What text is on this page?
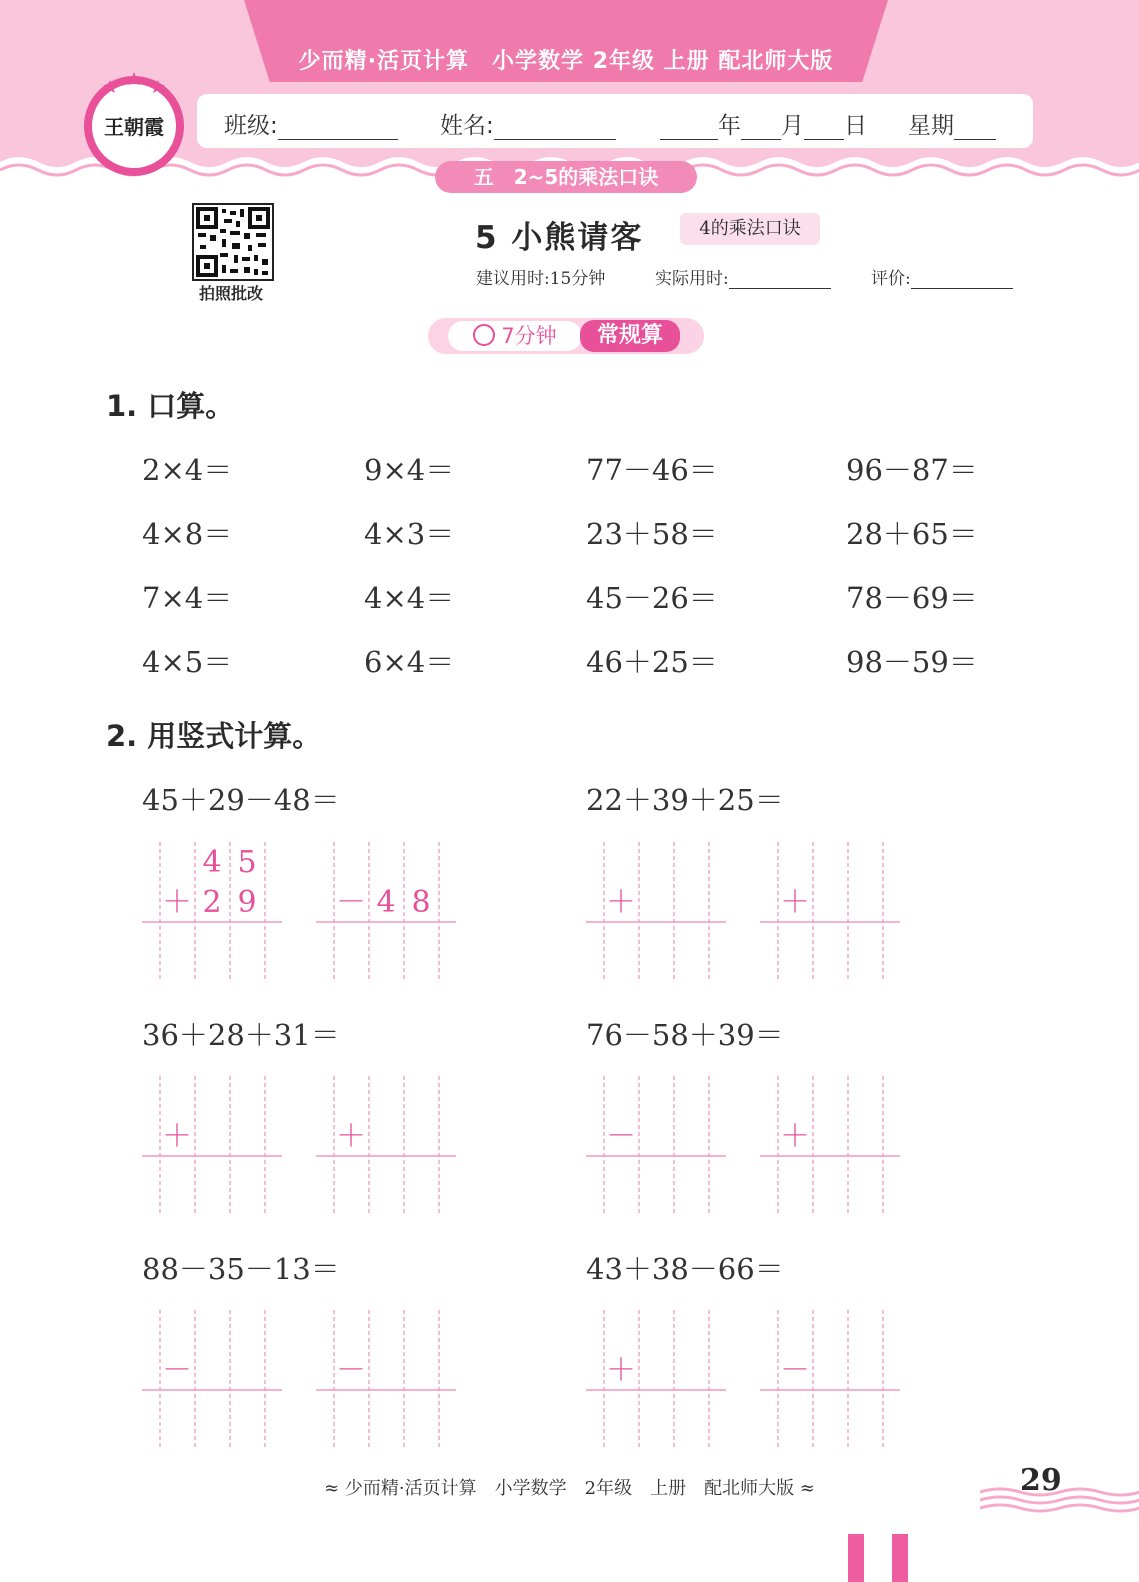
少而精·活页计算　小学数学 2年级 上册 配北师大版
班级:	姓名:	年 月 日 星期
王朝霞
五　2~5的乘法口诀
拍照批改
5 小熊请客	4的乘法口诀
建议用时:15分钟	实际用时:	评价:
7分钟	常规算
1. 口算。
2×4＝	9×4＝	77－46＝	96－87＝
4×8＝	4×3＝	23＋58＝	28＋65＝
7×4＝	4×4＝	45－26＝	78－69＝
4×5＝	6×4＝	46＋25＝	98－59＝
2. 用竖式计算。
45＋29－48＝	22＋39＋25＝
36＋28＋31＝	76－58＋39＝
88－35－13＝	43＋38－66＝
4 5
＋ 2 9	－ 4 8	＋	＋
＋	＋	－	＋
－	－	＋	－
≈ 少而精·活页计算　小学数学　2年级　上册　配北师大版 ≈	29
